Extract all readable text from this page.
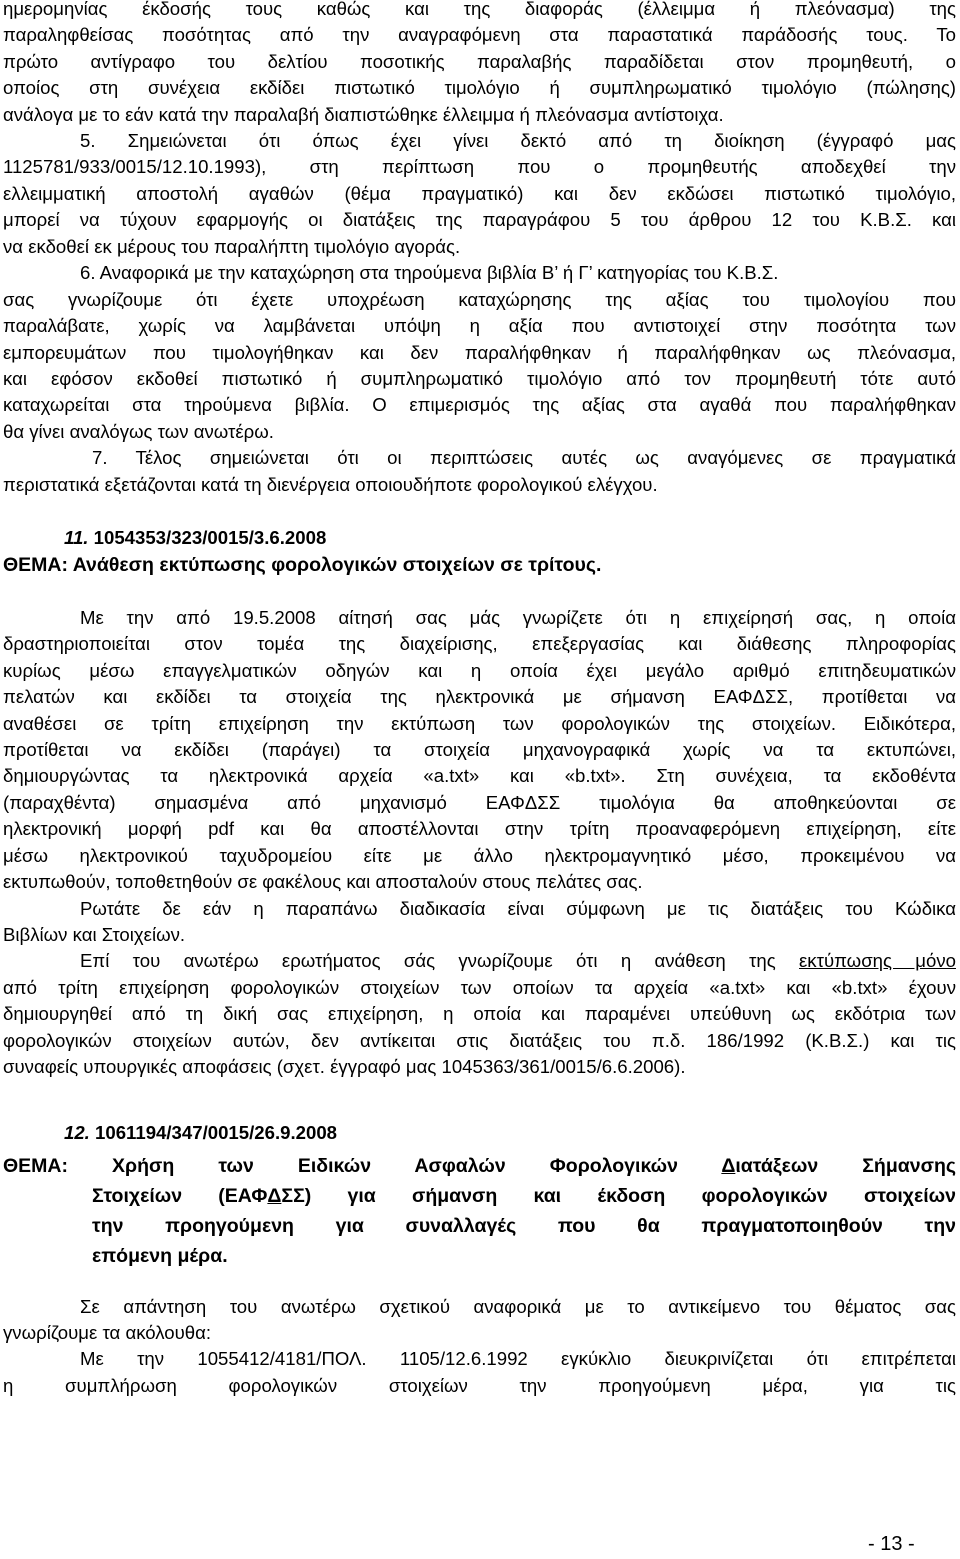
ημερομηνίας έκδοσής τους καθώς και της διαφοράς (έλλειμμα ή πλεόνασμα) της
παραληφθείσας ποσότητας από την αναγραφόμενη στα παραστατικά παράδοσής τους. Το
πρώτο αντίγραφο του δελτίου ποσοτικής παραλαβής παραδίδεται στον προμηθευτή, ο
οποίος στη συνέχεια εκδίδει πιστωτικό τιμολόγιο ή συμπληρωματικό τιμολόγιο (πώλησης)
ανάλογα με το εάν κατά την παραλαβή διαπιστώθηκε έλλειμμα ή πλεόνασμα αντίστοιχα.
5. Σημειώνεται ότι όπως έχει γίνει δεκτό από τη διοίκηση (έγγραφό μας
1125781/933/0015/12.10.1993), στη περίπτωση που ο προμηθευτής αποδεχθεί την
ελλειμματική αποστολή αγαθών (θέμα πραγματικό) και δεν εκδώσει πιστωτικό τιμολόγιο,
μπορεί να τύχουν εφαρμογής οι διατάξεις της παραγράφου 5 του άρθρου 12 του Κ.Β.Σ. και
να εκδοθεί εκ μέρους του παραλήπτη τιμολόγιο αγοράς.
6. Αναφορικά με την καταχώρηση στα τηρούμενα βιβλία Β’ ή Γ’ κατηγορίας του Κ.Β.Σ.
σας γνωρίζουμε ότι έχετε υποχρέωση καταχώρησης της αξίας του τιμολογίου που
παραλάβατε, χωρίς να λαμβάνεται υπόψη η αξία που αντιστοιχεί στην ποσότητα των
εμπορευμάτων που τιμολογήθηκαν και δεν παραλήφθηκαν ή παραλήφθηκαν ως πλεόνασμα,
και εφόσον εκδοθεί πιστωτικό ή συμπληρωματικό τιμολόγιο από τον προμηθευτή τότε αυτό
καταχωρείται στα τηρούμενα βιβλία. Ο επιμερισμός της αξίας στα αγαθά που παραλήφθηκαν
θα γίνει αναλόγως των ανωτέρω.
7. Τέλος σημειώνεται ότι οι περιπτώσεις αυτές ως αναγόμενες σε πραγματικά
περιστατικά εξετάζονται κατά τη διενέργεια οποιουδήποτε φορολογικού ελέγχου.
11. 1054353/323/0015/3.6.2008
ΘΕΜΑ: Ανάθεση εκτύπωσης φορολογικών στοιχείων σε τρίτους.
Με την από 19.5.2008 αίτησή σας μάς γνωρίζετε ότι η επιχείρησή σας, η οποία
δραστηριοποιείται στον τομέα της διαχείρισης, επεξεργασίας και διάθεσης πληροφορίας
κυρίως μέσω επαγγελματικών οδηγών και η οποία έχει μεγάλο αριθμό επιτηδευματικών
πελατών και εκδίδει τα στοιχεία της ηλεκτρονικά με σήμανση ΕΑΦΔΣΣ, προτίθεται να
αναθέσει σε τρίτη επιχείρηση την εκτύπωση των φορολογικών της στοιχείων. Ειδικότερα,
προτίθεται να εκδίδει (παράγει) τα στοιχεία μηχανογραφικά χωρίς να τα εκτυπώνει,
δημιουργώντας τα ηλεκτρονικά αρχεία «a.txt» και «b.txt». Στη συνέχεια, τα εκδοθέντα
(παραχθέντα) σημασμένα από μηχανισμό ΕΑΦΔΣΣ τιμολόγια θα αποθηκεύονται σε
ηλεκτρονική μορφή pdf και θα αποστέλλονται στην τρίτη προαναφερόμενη επιχείρηση, είτε
μέσω ηλεκτρονικού ταχυδρομείου είτε με άλλο ηλεκτρομαγνητικό μέσο, προκειμένου να
εκτυπωθούν, τοποθετηθούν σε φακέλους και αποσταλούν στους πελάτες σας.
Ρωτάτε δε εάν η παραπάνω διαδικασία είναι σύμφωνη με τις διατάξεις του Κώδικα
Βιβλίων και Στοιχείων.
Επί του ανωτέρω ερωτήματος σάς γνωρίζουμε ότι η ανάθεση της εκτύπωσης μόνο
από τρίτη επιχείρηση φορολογικών στοιχείων των οποίων τα αρχεία «a.txt» και «b.txt» έχουν
δημιουργηθεί από τη δική σας επιχείρηση, η οποία και παραμένει υπεύθυνη ως εκδότρια των
φορολογικών στοιχείων αυτών, δεν αντίκειται στις διατάξεις του π.δ. 186/1992 (Κ.Β.Σ.) και τις
συναφείς υπουργικές αποφάσεις (σχετ. έγγραφό μας 1045363/361/0015/6.6.2006).
12. 1061194/347/0015/26.9.2008
ΘΕΜΑ: Χρήση των Ειδικών Ασφαλών Φορολογικών Διατάξεων Σήμανσης
Στοιχείων (ΕΑΦΔΣΣ) για σήμανση και έκδοση φορολογικών στοιχείων
την προηγούμενη για συναλλαγές που θα πραγματοποιηθούν την
επόμενη μέρα.
Σε απάντηση του ανωτέρω σχετικού αναφορικά με το αντικείμενο του θέματος σας
γνωρίζουμε τα ακόλουθα:
Με την 1055412/4181/ΠΟΛ. 1105/12.6.1992 εγκύκλιο διευκρινίζεται ότι επιτρέπεται
η συμπλήρωση φορολογικών στοιχείων την προηγούμενη μέρα, για τις
- 13 -
